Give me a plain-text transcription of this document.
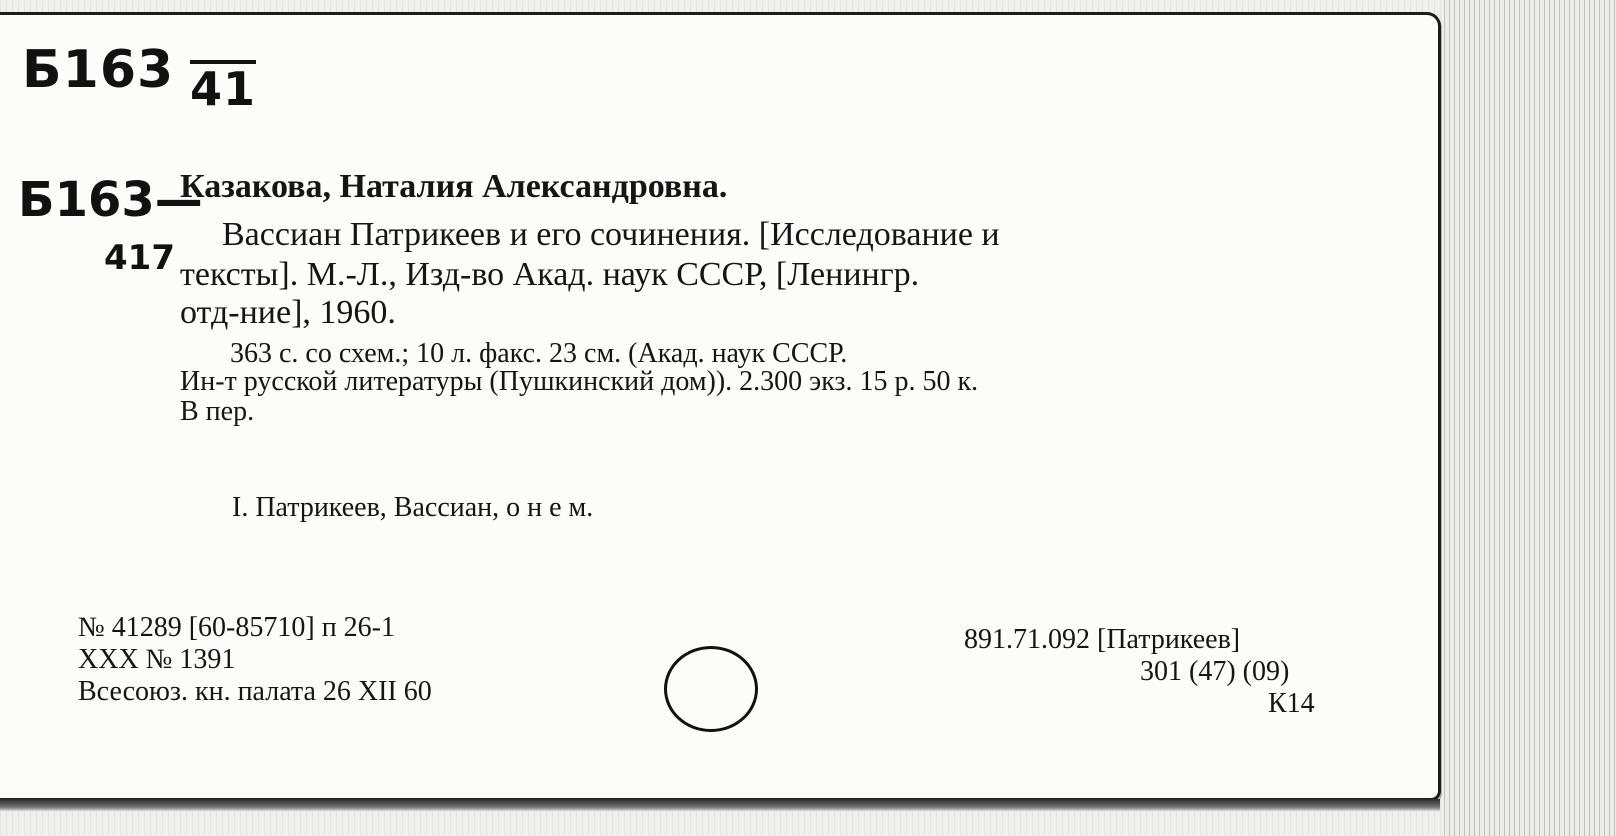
Б163 41
Б163—
417
Казакова, Наталия Александровна.
Вассиан Патрикеев и его сочинения. [Исследование и
тексты]. М.-Л., Изд-во Акад. наук СССР, [Ленингр.
отд-ние], 1960.
363 с. со схем.; 10 л. факс. 23 см. (Акад. наук СССР.
Ин-т русской литературы (Пушкинский дом)). 2.300 экз. 15 р. 50 к.
В пер.
I. Патрикеев, Вассиан, о н е м.
№ 41289 [60-85710] п 26-1
XXX № 1391
Всесоюз. кн. палата 26 XII 60
891.71.092 [Патрикеев]
301 (47) (09)
К14
